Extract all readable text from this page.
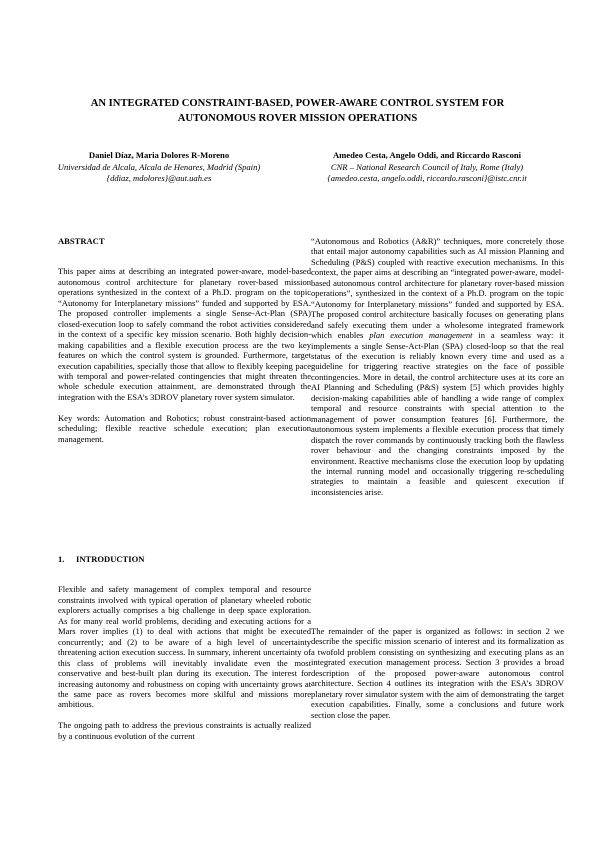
AN INTEGRATED CONSTRAINT-BASED, POWER-AWARE CONTROL SYSTEM FOR
AUTONOMOUS ROVER MISSION OPERATIONS
Daniel Díaz, Maria Dolores R-Moreno
Universidad de Alcala, Alcala de Henares, Madrid (Spain)
{ddiaz, mdolores}@aut.uah.es
Amedeo Cesta, Angelo Oddi, and Riccardo Rasconi
CNR – National Research Council of Italy, Rome (Italy)
{amedeo.cesta, angelo.oddi, riccardo.rasconi}@istc.cnr.it

ABSTRACT

This paper aims at describing an integrated power-aware, model-based autonomous control architecture for planetary rover-based mission operations synthesized in the context of a Ph.D. program on the topic “Autonomy for Interplanetary missions” funded and supported by ESA. The proposed controller implements a single Sense-Act-Plan (SPA) closed-execution loop to safely command the robot activities considered in the context of a specific key mission scenario. Both highly decision-making capabilities and a flexible execution process are the two key features on which the control system is grounded. Furthermore, target execution capabilities, specially those that allow to flexibly keeping pace with temporal and power-related contingencies that might threaten the whole schedule execution attainment, are demonstrated through the integration with the ESA’s 3DROV planetary rover system simulator.

Key words: Automation and Robotics; robust constraint-based action scheduling; flexible reactive schedule execution; plan execution management.

1. INTRODUCTION

Flexible and safety management of complex temporal and resource constraints involved with typical operation of planetary wheeled robotic explorers actually comprises a big challenge in deep space exploration. As for many real world problems, deciding and executing actions for a Mars rover implies (1) to deal with actions that might be executed concurrently; and (2) to be aware of a high level of uncertainty threatening action execution success. In summary, inherent uncertainty of this class of problems will inevitably invalidate even the most conservative and best-built plan during its execution. The interest for increasing autonomy and robustness on coping with uncertainty grows at the same pace as rovers becomes more skilful and missions more ambitious.

The ongoing path to address the previous constraints is actually realized by a continuous evolution of the current

“Autonomous and Robotics (A&R)” techniques, more concretely those that entail major autonomy capabilities such as AI mission Planning and Scheduling (P&S) coupled with reactive execution mechanisms. In this context, the paper aims at describing an “integrated power-aware, model-based autonomous control architecture for planetary rover-based mission operations”, synthesized in the context of a Ph.D. program on the topic “Autonomy for Interplanetary missions” funded and supported by ESA. The proposed control architecture basically focuses on generating plans and safely executing them under a wholesome integrated framework which enables plan execution management in a seamless way: it implements a single Sense-Act-Plan (SPA) closed-loop so that the real status of the execution is reliably known every time and used as a guideline for triggering reactive strategies on the face of possible contingencies. More in detail, the control architecture uses at its core an AI Planning and Scheduling (P&S) system [5] which provides highly decision-making capabilities able of handling a wide range of complex temporal and resource constraints with special attention to the management of power consumption features [6]. Furthermore, the autonomous system implements a flexible execution process that timely dispatch the rover commands by continuously tracking both the flawless rover behaviour and the changing constraints imposed by the environment. Reactive mechanisms close the execution loop by updating the internal running model and occasionally triggering re-scheduling strategies to maintain a feasible and quiescent execution if inconsistencies arise.

The remainder of the paper is organized as follows: in section 2 we describe the specific mission scenario of interest and its formalization as a twofold problem consisting on synthesizing and executing plans as an integrated execution management process. Section 3 provides a broad description of the proposed power-aware autonomous control architecture. Section 4 outlines its integration with the ESA’s 3DROV planetary rover simulator system with the aim of demonstrating the target execution capabilities. Finally, some a conclusions and future work section close the paper.
